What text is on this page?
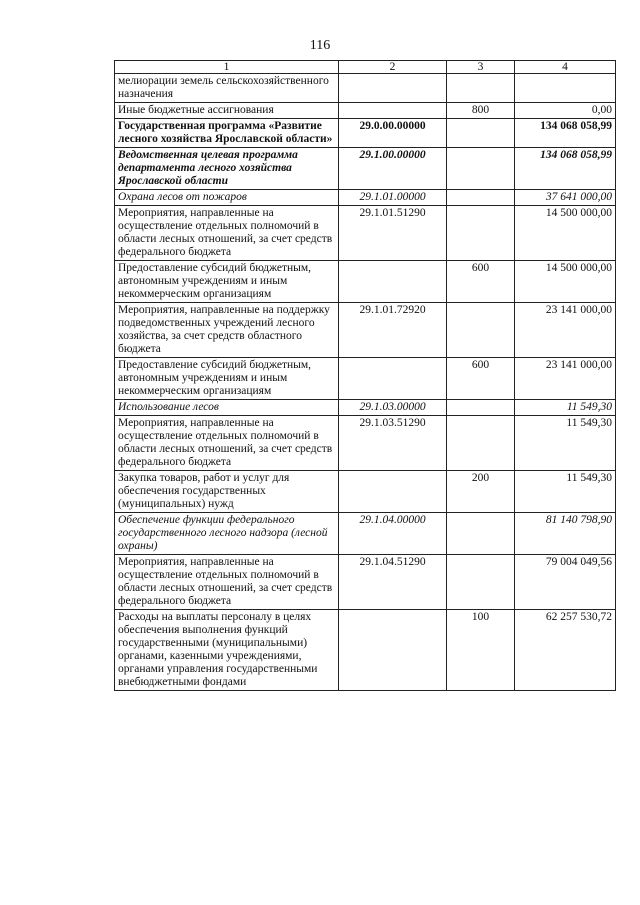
116
1	2	3	4
мелиорации земель сельскохозяйственного назначения			
Иные бюджетные ассигнования		800	0,00
Государственная программа «Развитие лесного хозяйства Ярославской области»	29.0.00.00000		134 068 058,99
Ведомственная целевая программа департамента лесного хозяйства Ярославской области	29.1.00.00000		134 068 058,99
Охрана лесов от пожаров	29.1.01.00000		37 641 000,00
Мероприятия, направленные на осуществление отдельных полномочий в области лесных отношений, за счет средств федерального бюджета	29.1.01.51290		14 500 000,00
Предоставление субсидий бюджетным, автономным учреждениям и иным некоммерческим организациям		600	14 500 000,00
Мероприятия, направленные на поддержку подведомственных учреждений лесного хозяйства, за счет средств областного бюджета	29.1.01.72920		23 141 000,00
Предоставление субсидий бюджетным, автономным учреждениям и иным некоммерческим организациям		600	23 141 000,00
Использование лесов	29.1.03.00000		11 549,30
Мероприятия, направленные на осуществление отдельных полномочий в области лесных отношений, за счет средств федерального бюджета	29.1.03.51290		11 549,30
Закупка товаров, работ и услуг для обеспечения государственных (муниципальных) нужд		200	11 549,30
Обеспечение функции федерального государственного лесного надзора (лесной охраны)	29.1.04.00000		81 140 798,90
Мероприятия, направленные на осуществление отдельных полномочий в области лесных отношений, за счет средств федерального бюджета	29.1.04.51290		79 004 049,56
Расходы на выплаты персоналу в целях обеспечения выполнения функций государственными (муниципальными) органами, казенными учреждениями, органами управления государственными внебюджетными фондами		100	62 257 530,72
